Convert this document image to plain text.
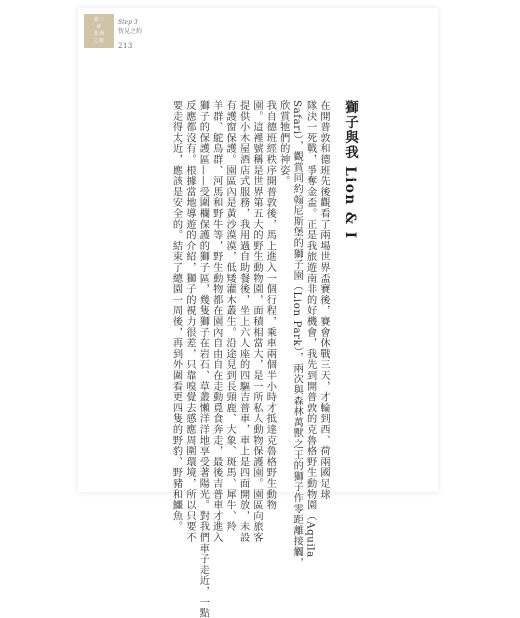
第三
章
非洲
之旅
Step 3
恍見之約
213
獅子與我 Lion & I
在開普敦和德班先後觀看了兩場世界盃賽後，賽會休戰三天，才輪到西、荷兩國足球
隊決一死戰，爭奪金盃。正是我旅遊南非的好機會，我先到開普敦的克魯格野生動物園（Aquila
Safari），觀賞同約翰尼斯堡的獅子園（Lion Park），兩次與森林萬獸之王的獅子作零距離接觸，
欣賞牠們的神姿。
我自德班經秩序開普敦後，馬上進入一個行程，乘車兩個半小時才抵達克魯格野生動物
園。這裡號稱是世界第五大的野生動物園，面積相當大，是一所私人動物保護園。園區向旅客
提供小木屋酒店式服務，我用過自助餐後，坐上六人座的四驅吉普車，車上是四面開放，未設
有護窗保護。園區內是黃沙漠漠，低矮灌木叢生。沿途見到長頸鹿、大象、斑馬、犀牛、羚
羊群、鴕鳥群、河馬和野牛等，野生動物都在園內自由自在走動覓食奔走，最後吉普車才進入
獅子的保護區——受圍欄保護的獅子區，幾隻獅子在岩石、草叢懶洋洋地享受著陽光。對我們車子走近，一點
反應都沒有。根據當地導遊的介紹，獅子的視力很差，只靠嗅覺去感應周圍環境，所以只要不
要走得太近，應該是安全的。結束了總園一周後，再到外圍看更四隻的野豹、野豬和鱷魚。
